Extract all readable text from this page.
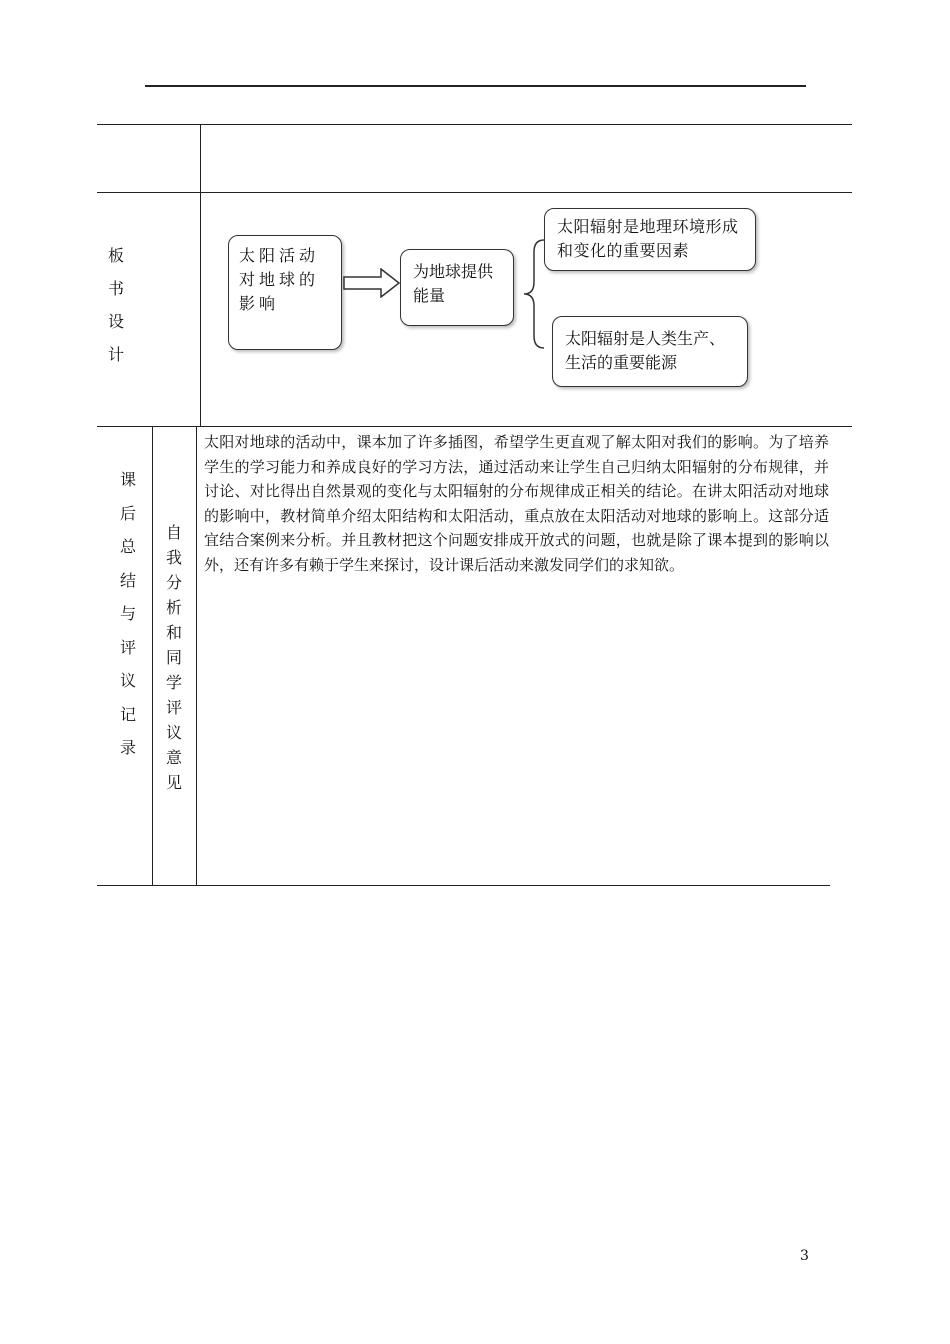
板
书
设
计
太阳活动对地球的影响
为地球提供能量
太阳辐射是地理环境形成和变化的重要因素
太阳辐射是人类生产、生活的重要能源
课
后
总
结
与
评
议
记
录
自
我
分
析
和
同
学
评
议
意
见
太阳对地球的活动中，课本加了许多插图，希望学生更直观了解太阳对我们的影响。为了培养学生的学习能力和养成良好的学习方法，通过活动来让学生自己归纳太阳辐射的分布规律，并讨论、对比得出自然景观的变化与太阳辐射的分布规律成正相关的结论。在讲太阳活动对地球的影响中，教材简单介绍太阳结构和太阳活动，重点放在太阳活动对地球的影响上。这部分适宜结合案例来分析。并且教材把这个问题安排成开放式的问题，也就是除了课本提到的影响以外，还有许多有赖于学生来探讨，设计课后活动来激发同学们的求知欲。
3
